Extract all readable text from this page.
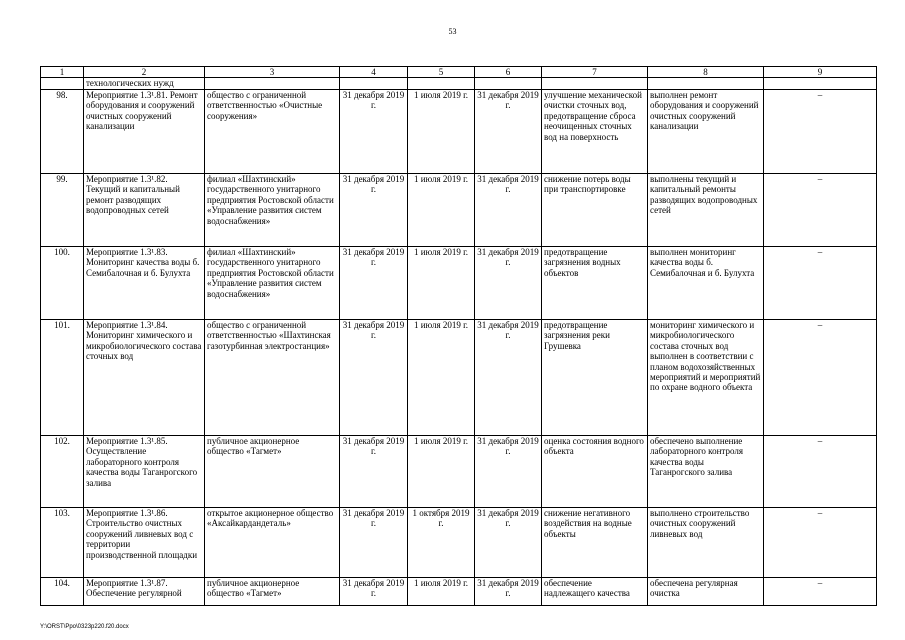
53
1	2	3	4	5	6	7	8	9
	технологических нужд							
98.	Мероприятие 1.3¹.81. Ремонт оборудования и сооружений очистных сооружений канализации	общество с ограниченной ответственностью «Очистные сооружения»	31 декабря 2019 г.	1 июля 2019 г.	31 декабря 2019 г.	улучшение механической очистки сточных вод, предотвращение сброса неочищенных сточных вод на поверхность	выполнен ремонт оборудования и сооружений очистных сооружений канализации	–
99.	Мероприятие 1.3¹.82. Текущий и капитальный ремонт разводящих водопроводных сетей	филиал «Шахтинский» государственного унитарного предприятия Ростовской области «Управление развития систем водоснабжения»	31 декабря 2019 г.	1 июля 2019 г.	31 декабря 2019 г.	снижение потерь воды при транспортировке	выполнены текущий и капитальный ремонты разводящих водопроводных сетей	–
100.	Мероприятие 1.3¹.83. Мониторинг качества воды б. Семибалочная и б. Булухта	филиал «Шахтинский» государственного унитарного предприятия Ростовской области «Управление развития систем водоснабжения»	31 декабря 2019 г.	1 июля 2019 г.	31 декабря 2019 г.	предотвращение загрязнения водных объектов	выполнен мониторинг качества воды б. Семибалочная и б. Булухта	–
101.	Мероприятие 1.3¹.84. Мониторинг химического и микробиологического состава сточных вод	общество с ограниченной ответственностью «Шахтинская газотурбинная электростанция»	31 декабря 2019 г.	1 июля 2019 г.	31 декабря 2019 г.	предотвращение загрязнения реки Грушевка	мониторинг химического и микробиологического состава сточных вод выполнен в соответствии с планом водохозяйственных мероприятий и мероприятий по охране водного объекта	–
102.	Мероприятие 1.3¹.85. Осуществление лабораторного контроля качества воды Таганрогского залива	публичное акционерное общество «Тагмет»	31 декабря 2019 г.	1 июля 2019 г.	31 декабря 2019 г.	оценка состояния водного объекта	обеспечено выполнение лабораторного контроля качества воды Таганрогского залива	–
103.	Мероприятие 1.3¹.86. Строительство очистных сооружений ливневых вод с территории производственной площадки	открытое акционерное общество «Аксайкардандеталь»	31 декабря 2019 г.	1 октября 2019 г.	31 декабря 2019 г.	снижение негативного воздействия на водные объекты	выполнено строительство очистных сооружений ливневых вод	–
104.	Мероприятие 1.3¹.87. Обеспечение регулярной	публичное акционерное общество «Тагмет»	31 декабря 2019 г.	1 июля 2019 г.	31 декабря 2019 г.	обеспечение надлежащего качества	обеспечена регулярная очистка	–
Y:\ORST\Ppo\0323p220.f20.docx
